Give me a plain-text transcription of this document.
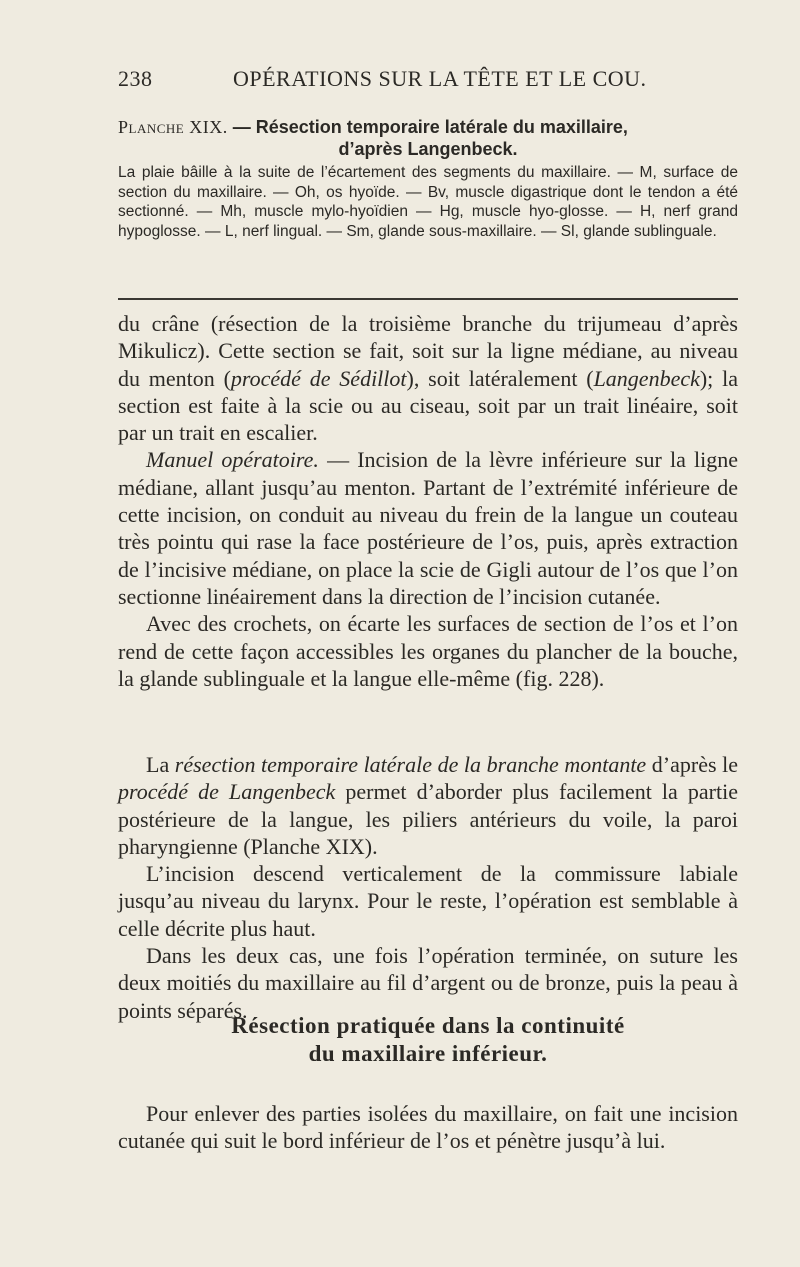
238	OPÉRATIONS SUR LA TÊTE ET LE COU.
Planche XIX. — Résection temporaire latérale du maxillaire,
d’après Langenbeck.
La plaie bâille à la suite de l’écartement des segments du maxillaire. — M, surface de section du maxillaire. — Oh, os hyoïde. — Bv, muscle digastrique dont le tendon a été sectionné. — Mh, muscle mylo-hyoïdien — Hg, muscle hyo-glosse. — H, nerf grand hypoglosse. — L, nerf lingual. — Sm, glande sous-maxillaire. — Sl, glande sublinguale.

du crâne (résection de la troisième branche du trijumeau d’après Mikulicz). Cette section se fait, soit sur la ligne médiane, au niveau du menton (procédé de Sédillot), soit latéralement (Langenbeck); la section est faite à la scie ou au ciseau, soit par un trait linéaire, soit par un trait en escalier.

Manuel opératoire. — Incision de la lèvre inférieure sur la ligne médiane, allant jusqu’au menton. Partant de l’extrémité inférieure de cette incision, on conduit au niveau du frein de la langue un couteau très pointu qui rase la face postérieure de l’os, puis, après extraction de l’incisive médiane, on place la scie de Gigli autour de l’os que l’on sectionne linéairement dans la direction de l’incision cutanée.

Avec des crochets, on écarte les surfaces de section de l’os et l’on rend de cette façon accessibles les organes du plancher de la bouche, la glande sublinguale et la langue elle-même (fig. 228).

La résection temporaire latérale de la branche montante d’après le procédé de Langenbeck permet d’aborder plus facilement la partie postérieure de la langue, les piliers antérieurs du voile, la paroi pharyngienne (Planche XIX).

L’incision descend verticalement de la commissure labiale jusqu’au niveau du larynx. Pour le reste, l’opération est semblable à celle décrite plus haut.

Dans les deux cas, une fois l’opération terminée, on suture les deux moitiés du maxillaire au fil d’argent ou de bronze, puis la peau à points séparés.

Résection pratiquée dans la continuité
du maxillaire inférieur.

Pour enlever des parties isolées du maxillaire, on fait une incision cutanée qui suit le bord inférieur de l’os et pénètre jusqu’à lui.
